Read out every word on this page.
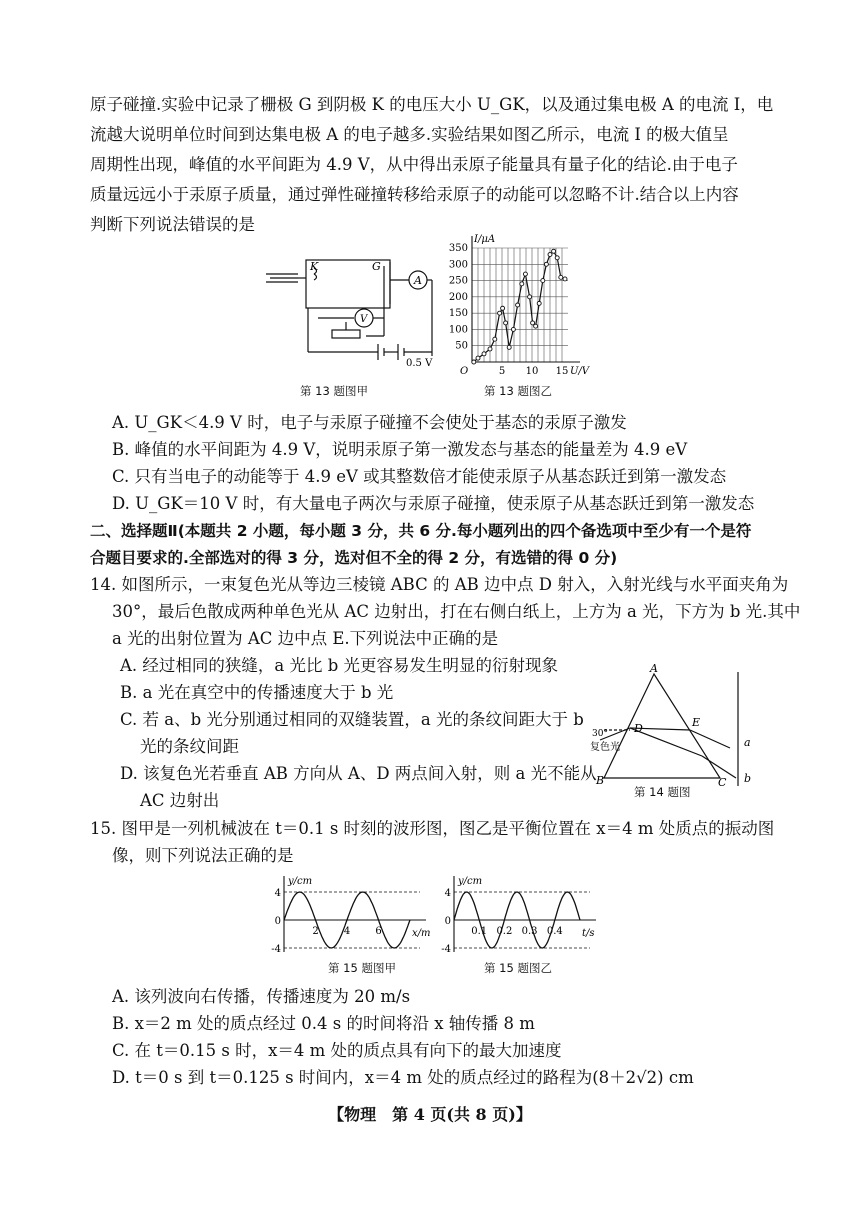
原子碰撞.实验中记录了栅极 G 到阴极 K 的电压大小 U_GK，以及通过集电极 A 的电流 I，电
流越大说明单位时间到达集电极 A 的电子越多.实验结果如图乙所示，电流 I 的极大值呈
周期性出现，峰值的水平间距为 4.9 V，从中得出汞原子能量具有量子化的结论.由于电子
质量远远小于汞原子质量，通过弹性碰撞转移给汞原子的动能可以忽略不计.结合以上内容
判断下列说法错误的是
K	G
A
V
0.5 V
第 13 题图甲
50
100
150
200
250
300
350
5 10 15
O
I/μA
U/V
第 13 题图乙
A. U_GK＜4.9 V 时，电子与汞原子碰撞不会使处于基态的汞原子激发
B. 峰值的水平间距为 4.9 V，说明汞原子第一激发态与基态的能量差为 4.9 eV
C. 只有当电子的动能等于 4.9 eV 或其整数倍才能使汞原子从基态跃迁到第一激发态
D. U_GK＝10 V 时，有大量电子两次与汞原子碰撞，使汞原子从基态跃迁到第一激发态
二、选择题Ⅱ(本题共 2 小题，每小题 3 分，共 6 分.每小题列出的四个备选项中至少有一个是符
合题目要求的.全部选对的得 3 分，选对但不全的得 2 分，有选错的得 0 分)
14. 如图所示，一束复色光从等边三棱镜 ABC 的 AB 边中点 D 射入，入射光线与水平面夹角为
30°，最后色散成两种单色光从 AC 边射出，打在右侧白纸上，上方为 a 光，下方为 b 光.其中
a 光的出射位置为 AC 边中点 E.下列说法中正确的是
A. 经过相同的狭缝，a 光比 b 光更容易发生明显的衍射现象
B. a 光在真空中的传播速度大于 b 光
C. 若 a、b 光分别通过相同的双缝装置，a 光的条纹间距大于 b
光的条纹间距
D. 该复色光若垂直 AB 方向从 A、D 两点间入射，则 a 光不能从
AC 边射出
A
B	C
D	E
a
b
30°
复色光
第 14 题图
15. 图甲是一列机械波在 t＝0.1 s 时刻的波形图，图乙是平衡位置在 x＝4 m 处质点的振动图
像，则下列说法正确的是
4
0
-4
2	4	6
y/cm
x/m
第 15 题图甲
4
0
-4
0.1 0.2 0.3 0.4
y/cm
t/s
第 15 题图乙
A. 该列波向右传播，传播速度为 20 m/s
B. x＝2 m 处的质点经过 0.4 s 的时间将沿 x 轴传播 8 m
C. 在 t＝0.15 s 时，x＝4 m 处的质点具有向下的最大加速度
D. t＝0 s 到 t＝0.125 s 时间内，x＝4 m 处的质点经过的路程为(8＋2√2) cm
【物理　第 4 页(共 8 页)】
